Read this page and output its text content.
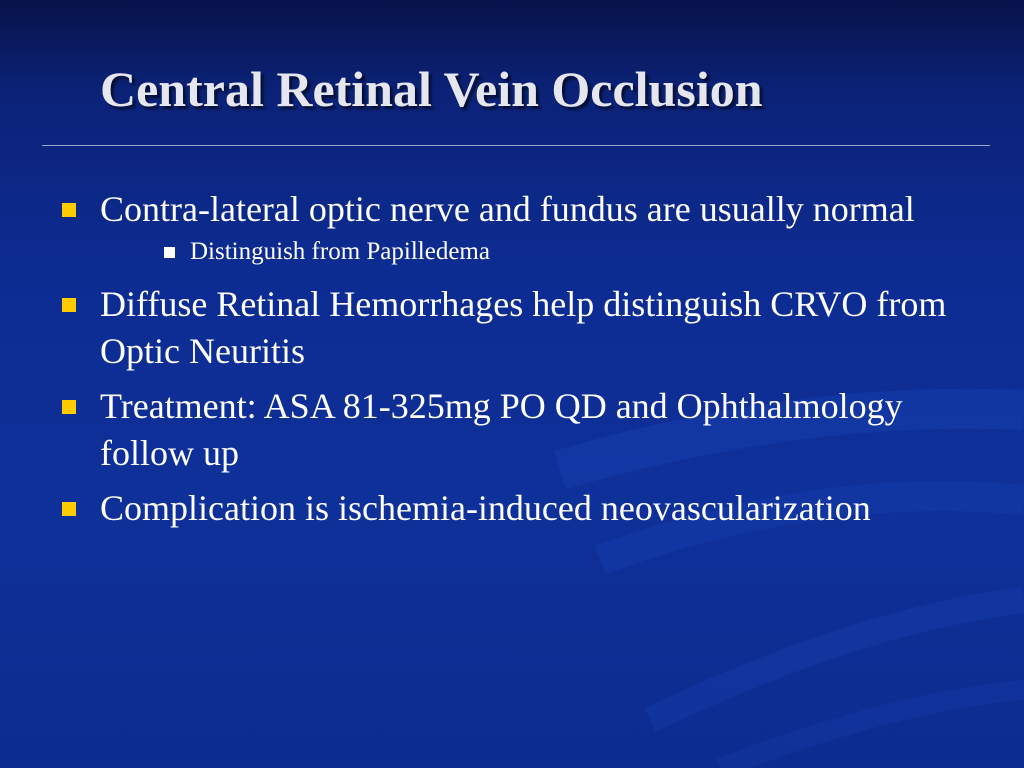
Central Retinal Vein Occlusion
Contra-lateral optic nerve and fundus are usually normal
Distinguish from Papilledema
Diffuse Retinal Hemorrhages help distinguish CRVO from Optic Neuritis
Treatment: ASA 81-325mg PO QD and Ophthalmology follow up
Complication is ischemia-induced neovascularization
